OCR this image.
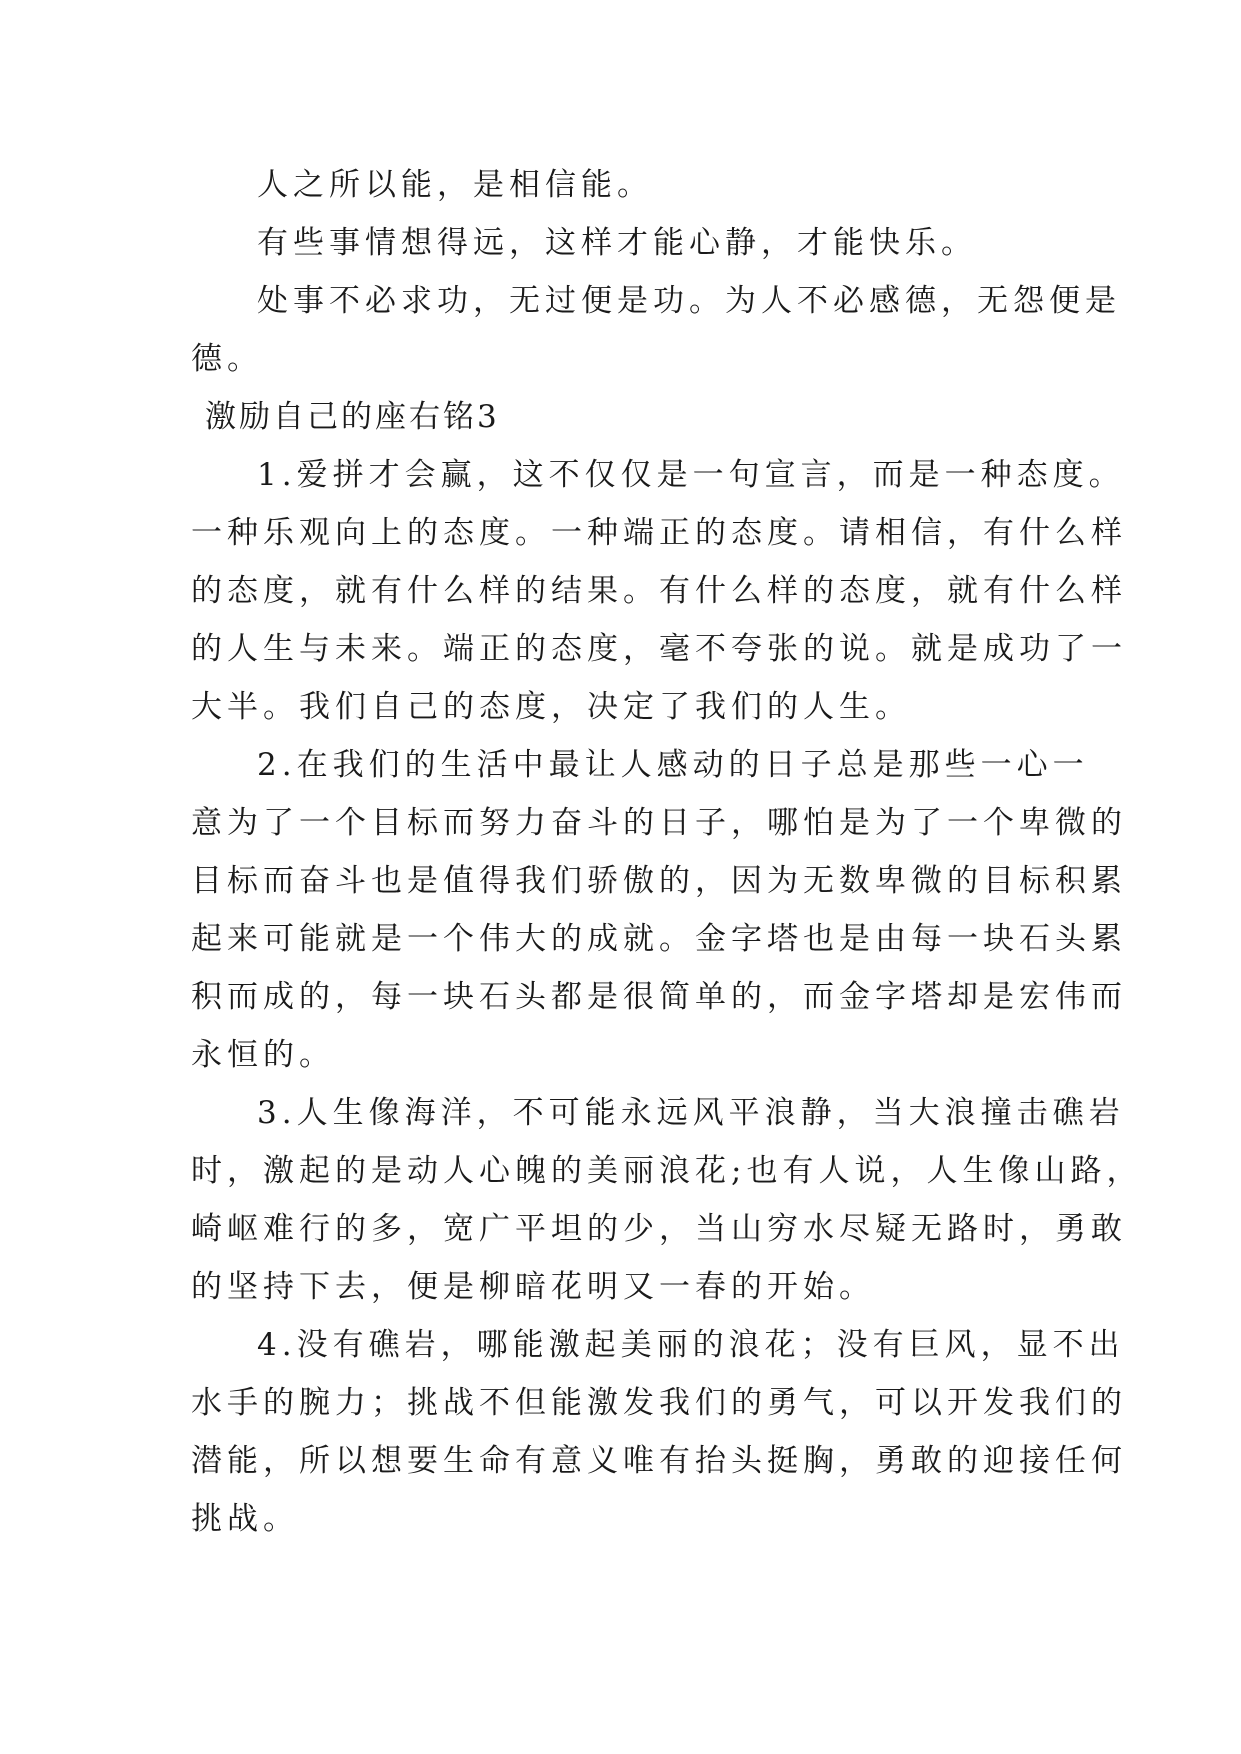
人之所以能，是相信能。
有些事情想得远，这样才能心静，才能快乐。
处事不必求功，无过便是功。为人不必感德，无怨便是
德。
激励自己的座右铭3
1.爱拼才会赢，这不仅仅是一句宣言，而是一种态度。
一种乐观向上的态度。一种端正的态度。请相信，有什么样
的态度，就有什么样的结果。有什么样的态度，就有什么样
的人生与未来。端正的态度，毫不夸张的说。就是成功了一
大半。我们自己的态度，决定了我们的人生。
2.在我们的生活中最让人感动的日子总是那些一心一
意为了一个目标而努力奋斗的日子，哪怕是为了一个卑微的
目标而奋斗也是值得我们骄傲的，因为无数卑微的目标积累
起来可能就是一个伟大的成就。金字塔也是由每一块石头累
积而成的，每一块石头都是很简单的，而金字塔却是宏伟而
永恒的。
3.人生像海洋，不可能永远风平浪静，当大浪撞击礁岩
时，激起的是动人心魄的美丽浪花;也有人说，人生像山路，
崎岖难行的多，宽广平坦的少，当山穷水尽疑无路时，勇敢
的坚持下去，便是柳暗花明又一春的开始。
4.没有礁岩，哪能激起美丽的浪花；没有巨风，显不出
水手的腕力；挑战不但能激发我们的勇气，可以开发我们的
潜能，所以想要生命有意义唯有抬头挺胸，勇敢的迎接任何
挑战。
